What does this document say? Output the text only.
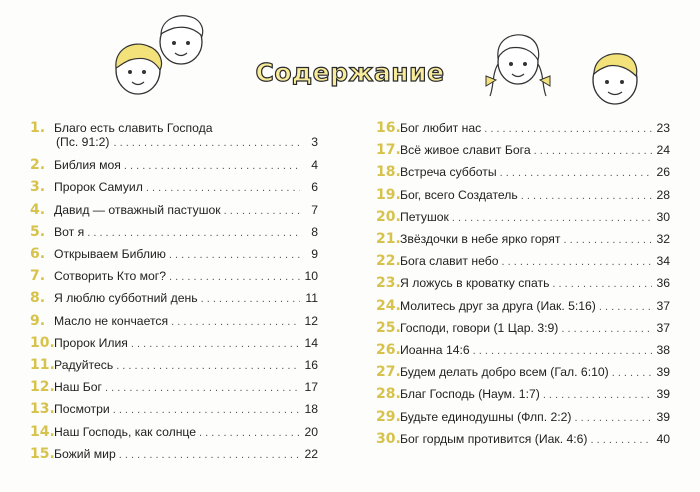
Содержание
1. Благо есть славить Господа
(Пс. 91:2) . . .	3
2. Библия моя . . .	4
3. Пророк Самуил . . .	6
4. Давид — отважный пастушок . . .	7
5. Вот я . . .	8
6. Открываем Библию . . .	9
7. Сотворить Кто мог? . . .	10
8. Я люблю субботний день . . .	11
9. Масло не кончается . . .	12
10. Пророк Илия . . .	14
11. Радуйтесь . . .	16
12. Наш Бог . . .	17
13. Посмотри . . .	18
14. Наш Господь, как солнце . . .	20
15. Божий мир . . .	22
16. Бог любит нас . . .	23
17. Всё живое славит Бога . . .	24
18. Встреча субботы . . .	26
19. Бог, всего Создатель . . .	28
20. Петушок . . .	30
21. Звёздочки в небе ярко горят . . .	32
22. Бога славит небо . . .	34
23. Я ложусь в кроватку спать . . .	36
24. Молитесь друг за друга (Иак. 5:16) . . .	37
25. Господи, говори (1 Цар. 3:9) . . .	37
26. Иоанна 14:6 . . .	38
27. Будем делать добро всем (Гал. 6:10) . . .	39
28. Благ Господь (Наум. 1:7) . . .	39
29. Будьте единодушны (Флп. 2:2) . . .	39
30. Бог гордым противится (Иак. 4:6) . . .	40
